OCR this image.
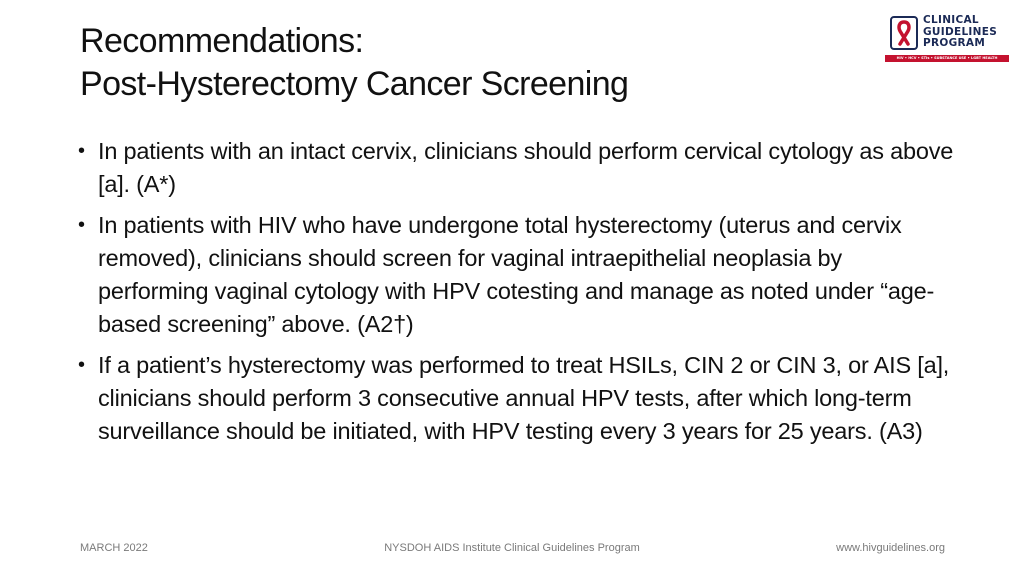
Recommendations:
Post-Hysterectomy Cancer Screening
CLINICAL
GUIDELINES
PROGRAM
HIV • HCV • STIs • SUBSTANCE USE • LGBT HEALTH
• In patients with an intact cervix, clinicians should perform cervical cytology as above [a]. (A*)
• In patients with HIV who have undergone total hysterectomy (uterus and cervix removed), clinicians should screen for vaginal intraepithelial neoplasia by performing vaginal cytology with HPV cotesting and manage as noted under “age-based screening” above. (A2†)
• If a patient’s hysterectomy was performed to treat HSILs, CIN 2 or CIN 3, or AIS [a], clinicians should perform 3 consecutive annual HPV tests, after which long-term surveillance should be initiated, with HPV testing every 3 years for 25 years. (A3)
MARCH 2022	NYSDOH AIDS Institute Clinical Guidelines Program	www.hivguidelines.org
